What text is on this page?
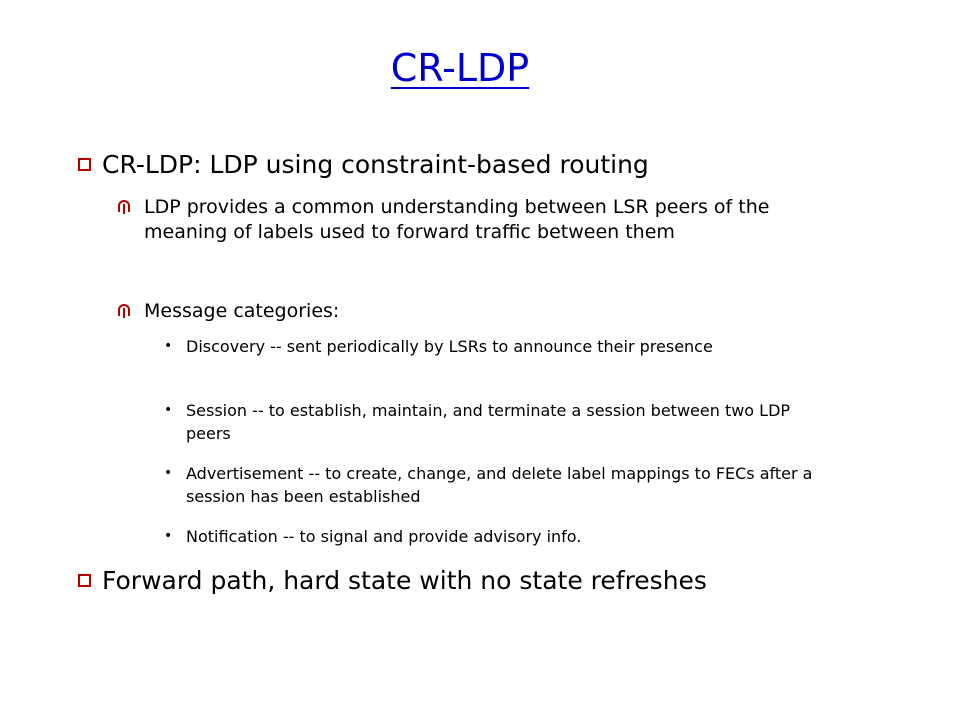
CR-LDP
CR-LDP: LDP using constraint-based routing
LDP provides a common understanding between LSR peers of the meaning of labels used to forward traffic between them
Message categories:
• Discovery -- sent periodically by LSRs to announce their presence
• Session -- to establish, maintain, and terminate a session between two LDP peers
• Advertisement -- to create, change, and delete label mappings to FECs after a session has been established
• Notification -- to signal and provide advisory info.
Forward path, hard state with no state refreshes
